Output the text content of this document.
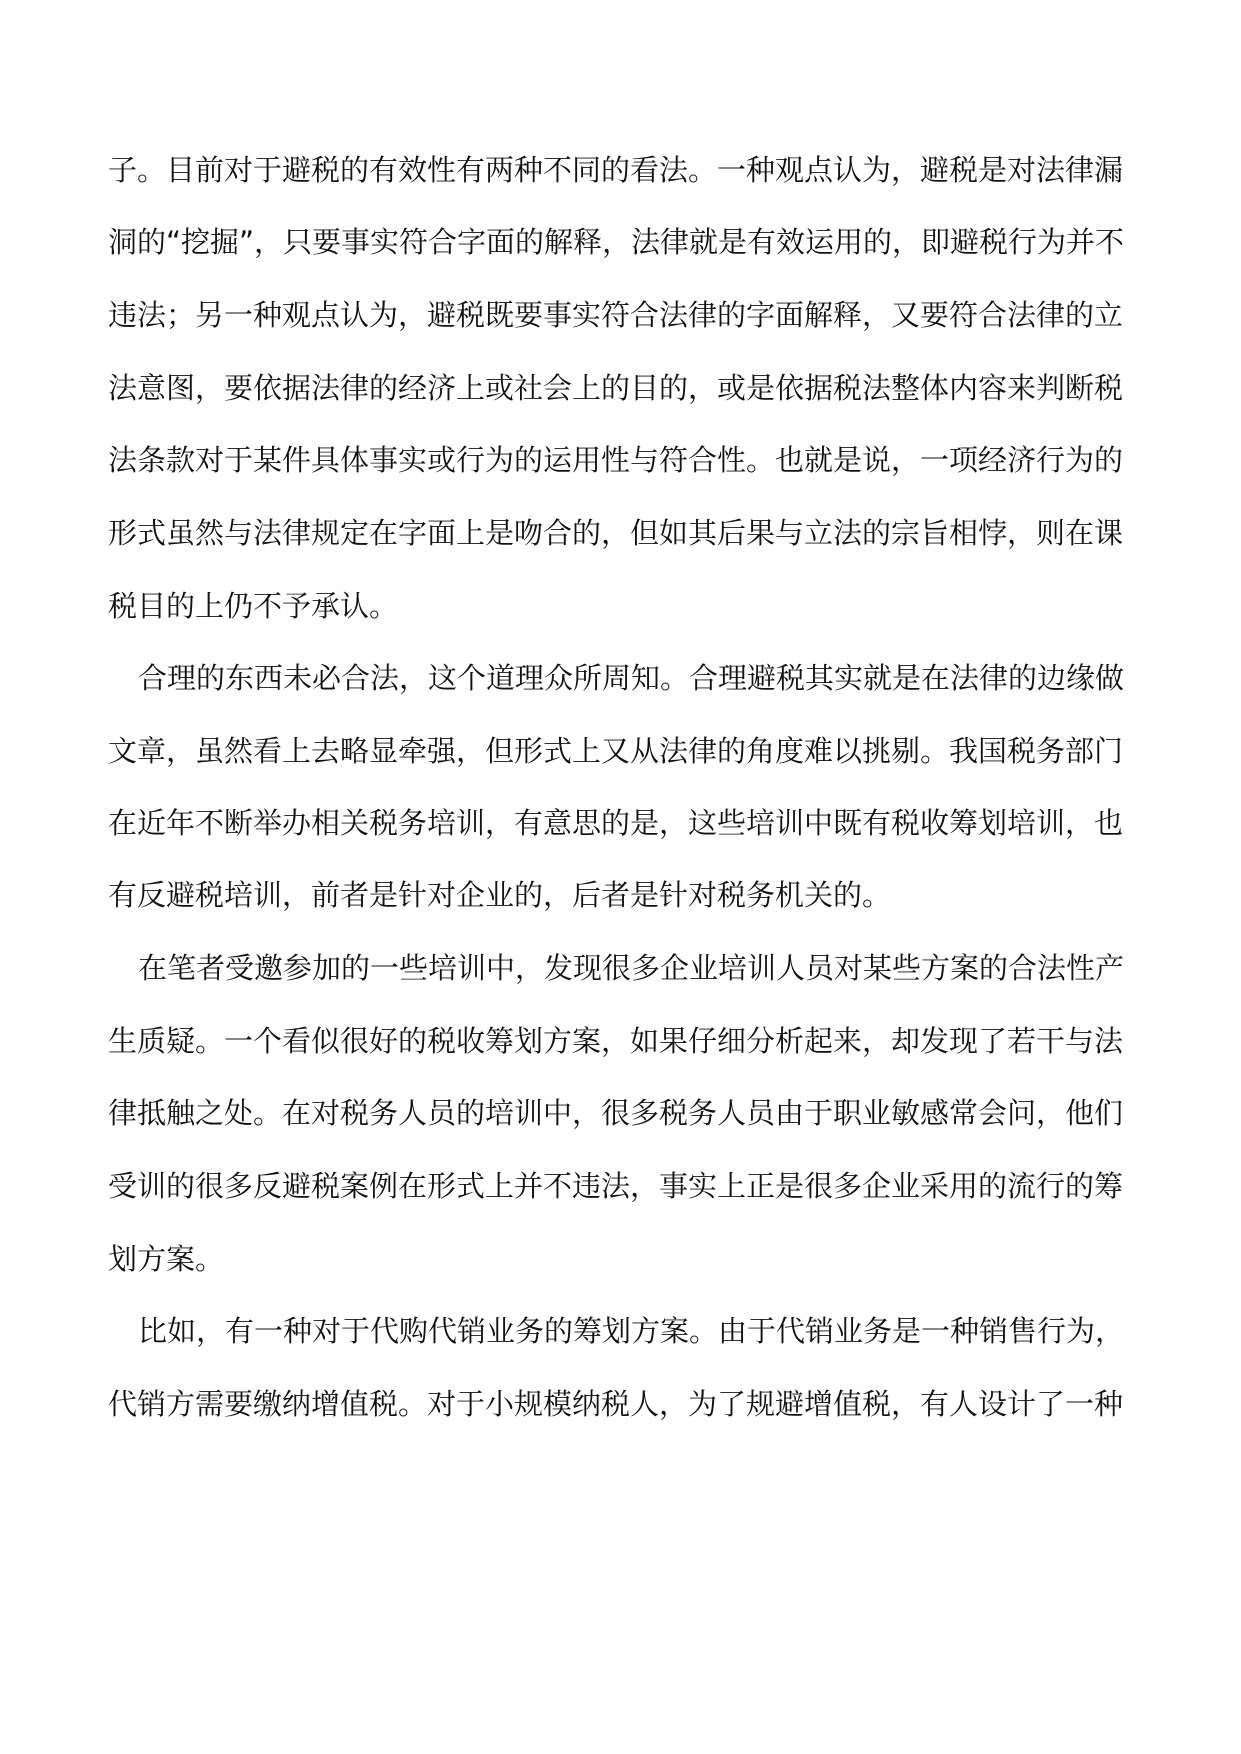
子。目前对于避税的有效性有两种不同的看法。一种观点认为，避税是对法律漏
洞的“挖掘”，只要事实符合字面的解释，法律就是有效运用的，即避税行为并不
违法；另一种观点认为，避税既要事实符合法律的字面解释，又要符合法律的立
法意图，要依据法律的经济上或社会上的目的，或是依据税法整体内容来判断税
法条款对于某件具体事实或行为的运用性与符合性。也就是说，一项经济行为的
形式虽然与法律规定在字面上是吻合的，但如其后果与立法的宗旨相悖，则在课
税目的上仍不予承认。
合理的东西未必合法，这个道理众所周知。合理避税其实就是在法律的边缘做
文章，虽然看上去略显牵强，但形式上又从法律的角度难以挑剔。我国税务部门
在近年不断举办相关税务培训，有意思的是，这些培训中既有税收筹划培训，也
有反避税培训，前者是针对企业的，后者是针对税务机关的。
在笔者受邀参加的一些培训中，发现很多企业培训人员对某些方案的合法性产
生质疑。一个看似很好的税收筹划方案，如果仔细分析起来，却发现了若干与法
律抵触之处。在对税务人员的培训中，很多税务人员由于职业敏感常会问，他们
受训的很多反避税案例在形式上并不违法，事实上正是很多企业采用的流行的筹
划方案。
比如，有一种对于代购代销业务的筹划方案。由于代销业务是一种销售行为，
代销方需要缴纳增值税。对于小规模纳税人，为了规避增值税，有人设计了一种
